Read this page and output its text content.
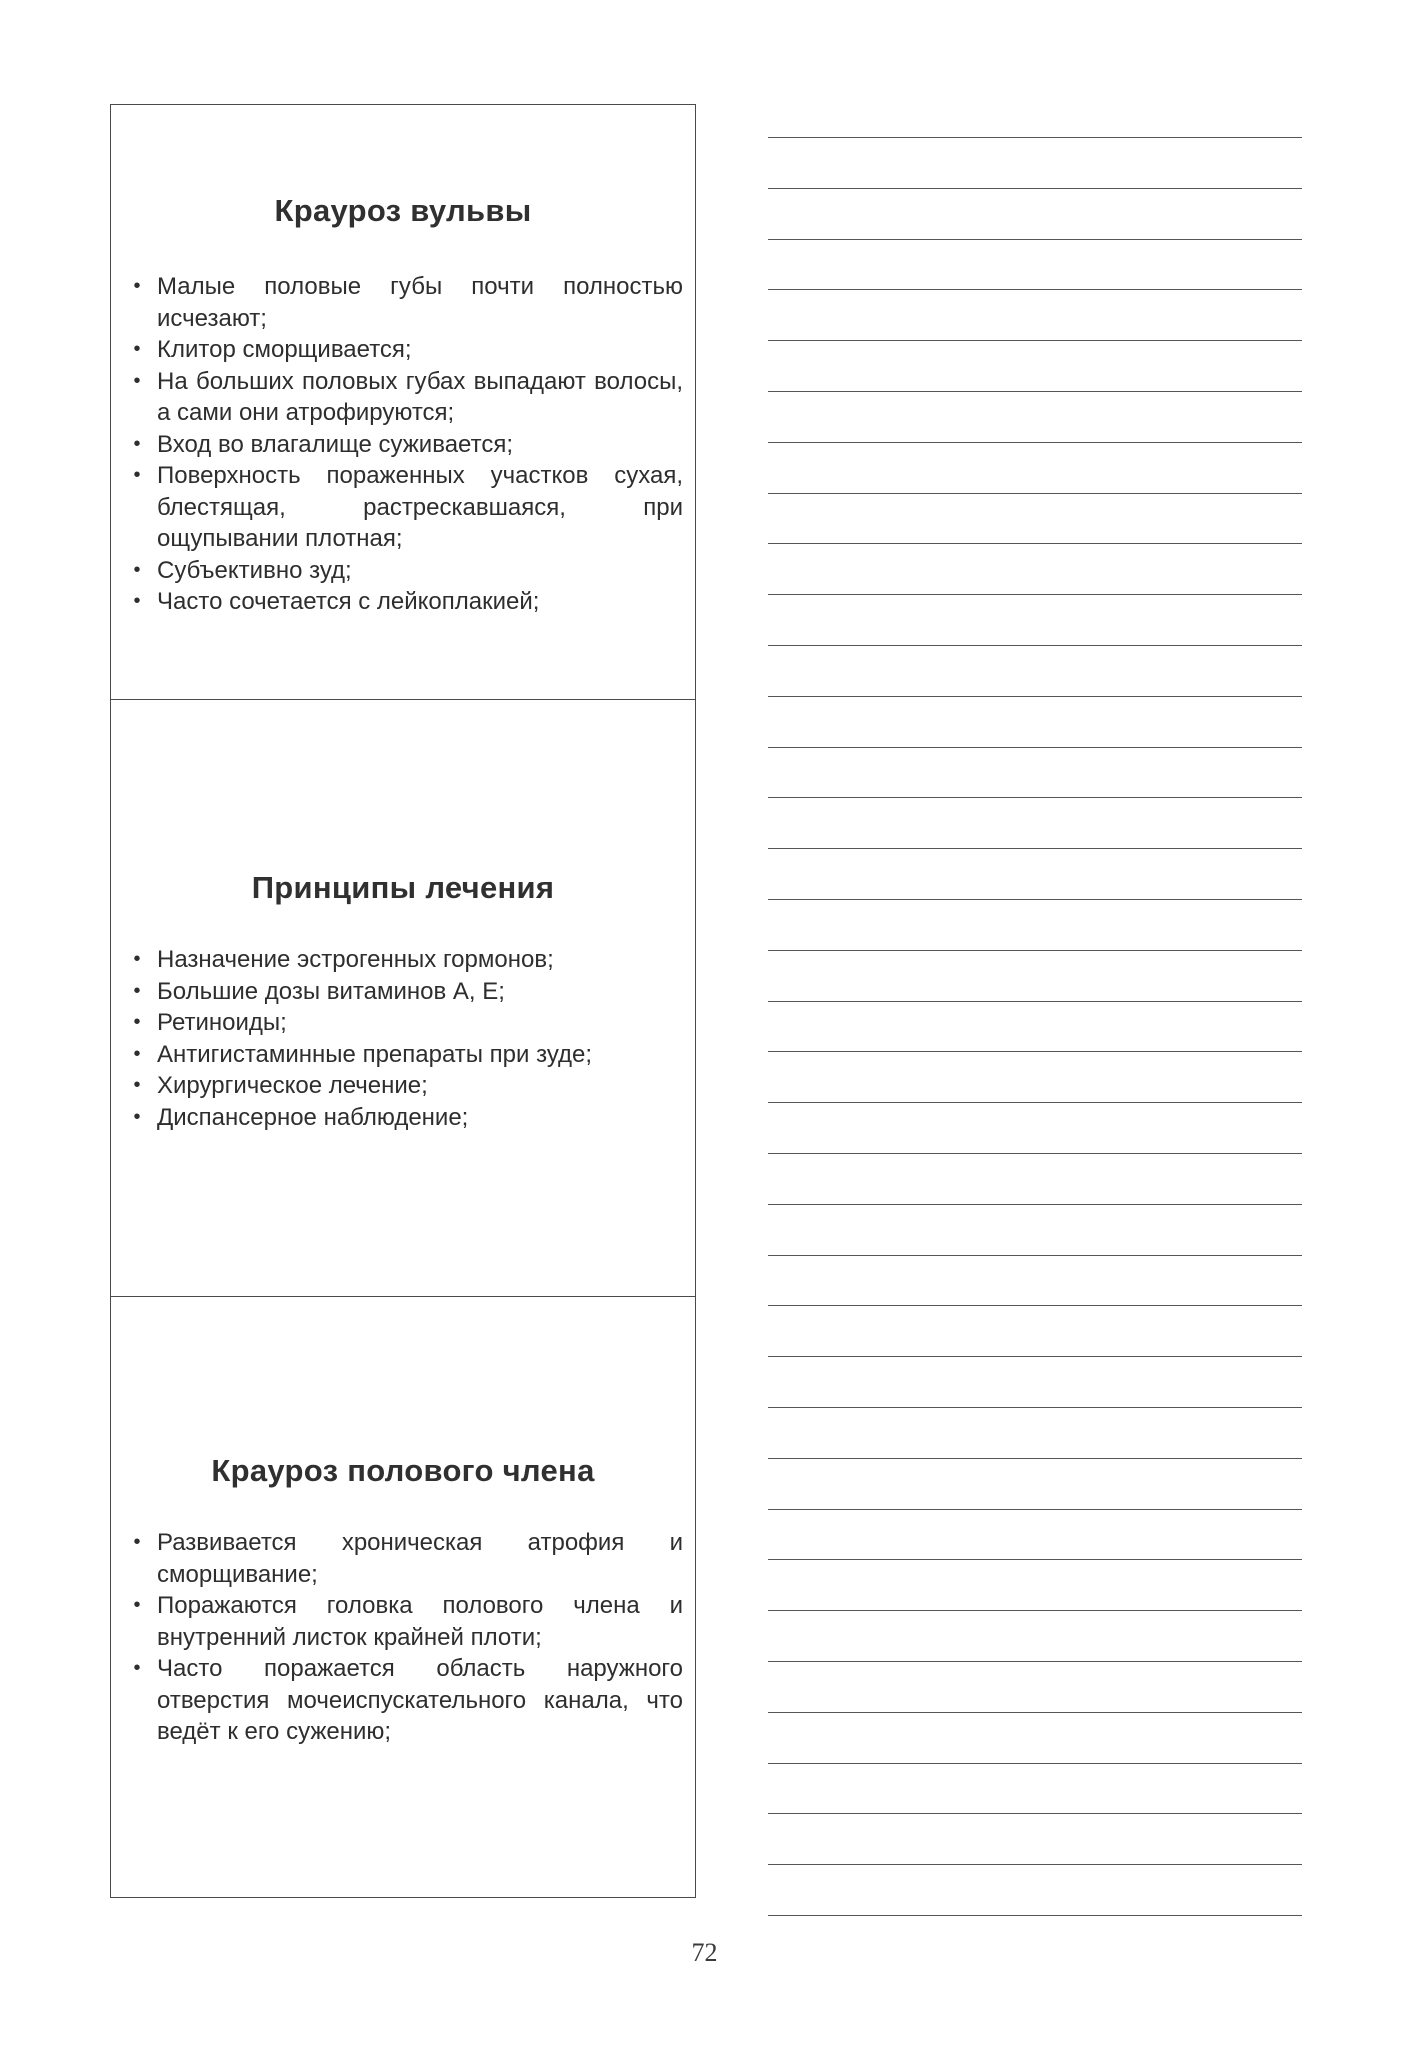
Крауроз вульвы
• Малые половые губы почти полностью исчезают;
• Клитор сморщивается;
• На больших половых губах выпадают волосы, а сами они атрофируются;
• Вход во влагалище суживается;
• Поверхность пораженных участков сухая, блестящая, растрескавшаяся, при ощупывании плотная;
• Субъективно зуд;
• Часто сочетается с лейкоплакией;
Принципы лечения
• Назначение эстрогенных гормонов;
• Большие дозы витаминов А, Е;
• Ретиноиды;
• Антигистаминные препараты при зуде;
• Хирургическое лечение;
• Диспансерное наблюдение;
Крауроз полового члена
• Развивается хроническая атрофия и сморщивание;
• Поражаются головка полового члена и внутренний листок крайней плоти;
• Часто поражается область наружного отверстия мочеиспускательного канала, что ведёт к его сужению;
72
